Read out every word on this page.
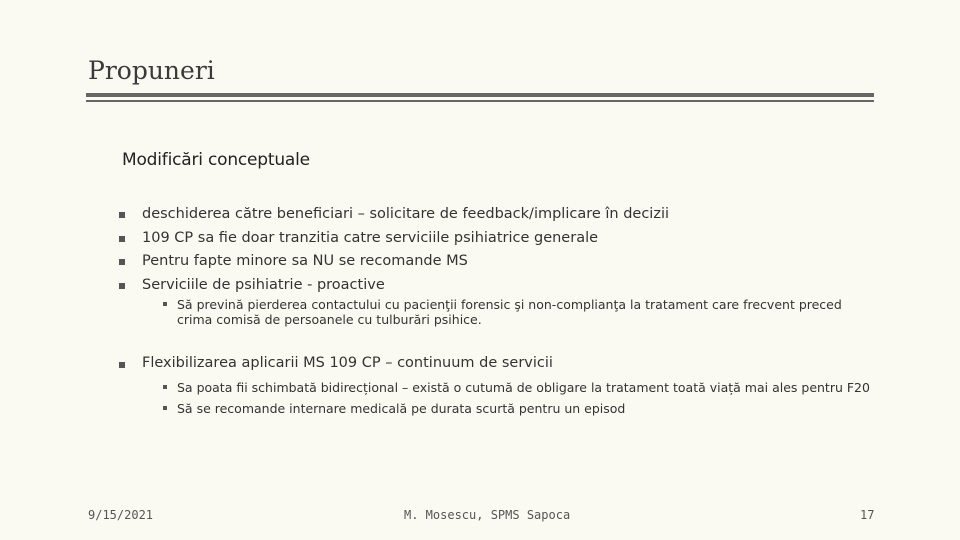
Propuneri
Modificări conceptuale
deschiderea către beneficiari – solicitare de feedback/implicare în decizii
109 CP sa fie doar tranzitia catre serviciile psihiatrice generale
Pentru fapte minore sa NU se recomande MS
Serviciile de psihiatrie - proactive
Să prevină pierderea contactului cu pacienţii forensic şi non-complianţa la tratament care frecvent preced crima comisă de persoanele cu tulburări psihice.
Flexibilizarea aplicarii MS 109 CP – continuum de servicii
Sa poata fii schimbată bidirecțional – există o cutumă de obligare la tratament toată viață mai ales pentru F20
Să se recomande internare medicală pe durata scurtă pentru un episod
9/15/2021	M. Mosescu, SPMS Sapoca	17
